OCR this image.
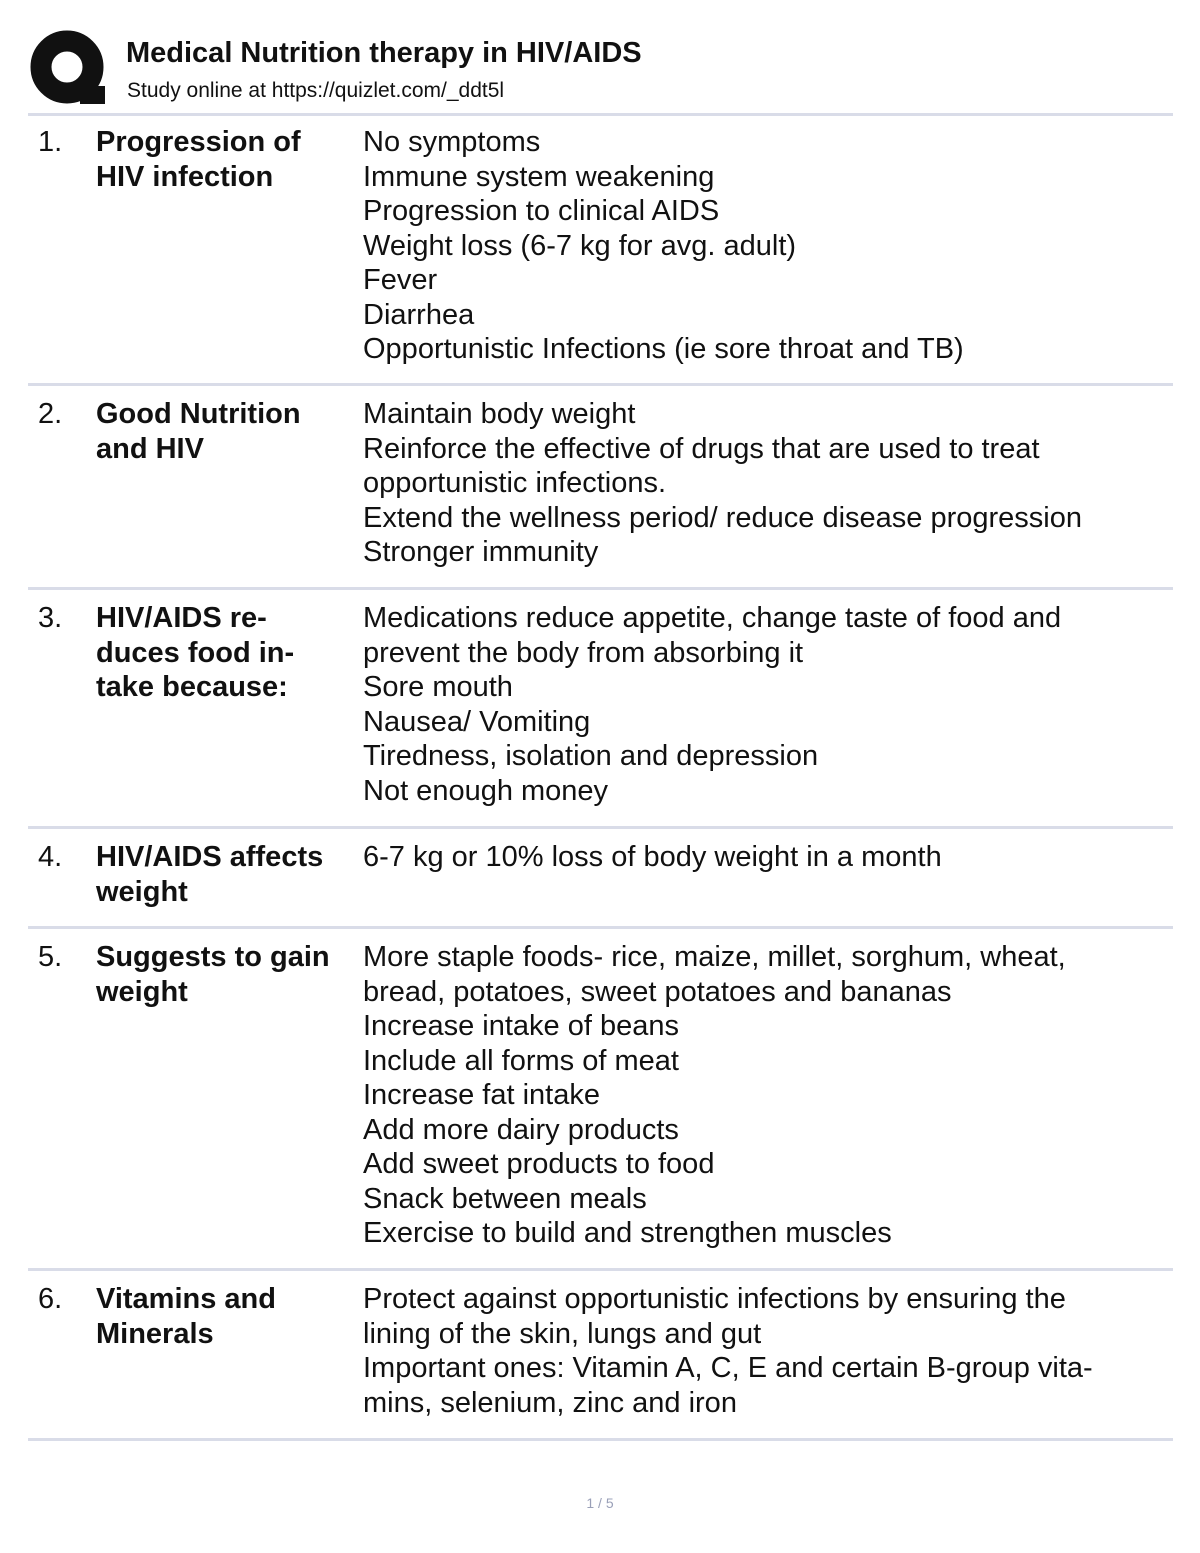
Medical Nutrition therapy in HIV/AIDS
Study online at https://quizlet.com/_ddt5l
1. Progression of
HIV infection
No symptoms
Immune system weakening
Progression to clinical AIDS
Weight loss (6-7 kg for avg. adult)
Fever
Diarrhea
Opportunistic Infections (ie sore throat and TB)
2. Good Nutrition
and HIV
Maintain body weight
Reinforce the effective of drugs that are used to treat
opportunistic infections.
Extend the wellness period/ reduce disease progression
Stronger immunity
3. HIV/AIDS re-
duces food in-
take because:
Medications reduce appetite, change taste of food and
prevent the body from absorbing it
Sore mouth
Nausea/ Vomiting
Tiredness, isolation and depression
Not enough money
4. HIV/AIDS affects
weight
6-7 kg or 10% loss of body weight in a month
5. Suggests to gain
weight
More staple foods- rice, maize, millet, sorghum, wheat,
bread, potatoes, sweet potatoes and bananas
Increase intake of beans
Include all forms of meat
Increase fat intake
Add more dairy products
Add sweet products to food
Snack between meals
Exercise to build and strengthen muscles
6. Vitamins and
Minerals
Protect against opportunistic infections by ensuring the
lining of the skin, lungs and gut
Important ones: Vitamin A, C, E and certain B-group vita-
mins, selenium, zinc and iron
1 / 5
